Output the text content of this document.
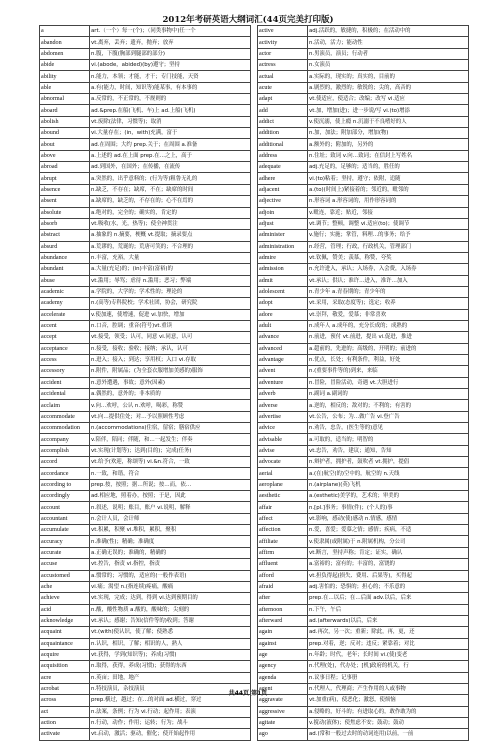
2012年考研英语大纲词汇(44页完美打印版)
a	art.（一个）每一(个)；（同类事物中)任一个
abandon	vt.离弃，丢弃；遗弃，抛弃；放弃
abdomen	n.腹，下腹(胸部到腿部的部分)
abide	vi.(abode，abided)(by)遵守；坚持
ability	n.能力，本领；才能，才干；专门技能，天资
able	a.有(能力，时间，知识等)能某事，有本事的
abnormal	a.反常的，不正常的，不规则的
aboard	ad.&prep.在船(飞机、车)上 ad.上船(飞机)
abolish	vt.废除(法律，习惯等)；取消
abound	vi.大量存在；(in，with)充满，富于
about	ad.在周围；大约 prep.关于；在周围 a.准备
above	a.上述的 ad.在上面 prep.在…之上，高于
abroad	ad.到国外，在国外；在传播，在流传
abrupt	a.突然的，出乎意料的；(行为等)粗鲁无礼的
absence	n.缺乏，不存在；缺席，不在；缺席的时间
absent	a.缺席的，缺乏的，不存在的；心不在焉的
absolute	a.绝对的，完全的；确实的，肯定的
absorb	vt.吸收(水，光，热等)；使全神贯注
abstract	a.抽象的 n.摘要，梗概 vt.提取；摘录要点
absurd	a.荒谬的，荒诞的；荒唐可笑的；不合理的
abundance	n.丰富，充裕，大量
abundant	a.大量(充足)的；(in)丰富(富裕)的
abuse	vt.滥用；辱骂；虐待 n.滥用；恶习；弊端
academic	a.学院的，大学的；学术性的；理论的
academy	n.(高等)专科院校；学术社团，协会，研究院
accelerate	v.使加速，使增速，促进 vi.加快，增加
accent	n.口音，腔调；重音(符号)vt.重读
accept	vt.接受，领受；认可，同意 vi.同意，认可
acceptance	n.接受，接收；验收；接纳；承认，认可
access	n.进入；接入；到达；享用权；入口 vi.存取
accessory	n.附件，附属品；(为全套衣服增加美感的)服饰
accident	n.意外遭遇，事故；意外(因素)
accidental	a.偶然的，意外的；非本质的
acclaim	v.向…欢呼，公认 n.欢呼，喝彩，称赞
accommodate	vt.向…提供住处；对…予以照顾性考虑
accommodation	n.(accommodations)住宿，留宿；膳宿供应
accompany	v.陪伴，陪同；伴随，和…一起发生；伴奏
accomplish	vt.实现(计划等)；达到(目的)；完成(任务)
accord	vt.给予(欢迎，称颂等) vi.&n.符合，一致
accordance	n.一致，和谐，符合
according to	prep.按，按照；据…所说；按…而，依…
accordingly	ad.相应地，照着办，按照；于是，因此
account	n.叙述，说明；账目，账户 vi.说明，解释
accountant	n.会计人员，会计师
accumulate	vt.积累，积聚 vi.堆积，累积，聚积
accuracy	n.准确(性)；精确；准确度
accurate	a.正确无误的；准确的，精确的
accuse	vt.控告，指责 vi.指控，指责
accustomed	a.惯常的；习惯的，适应的(一般作表语)
ache	vi.痛；渴望 n.(指连续)疼痛，酸痛
achieve	vt.实现，完成；达到，得到 vi.达到预期目的
acid	n.酸，酸性物质 a.酸的，酸味的；尖刻的
acknowledge	vt.承认；感谢；告知(信件等的)收到；答谢
acquaint	vt.(with)使认识，使了解；使熟悉
acquaintance	n.认识，相识，了解；相识的人，熟人
acquire	vt.获得，学到(知识等)；养成(习惯)
acquisition	n.取得，获得，养成(习惯)；获得的东西
acre	n.英亩；田地，地产
acrobat	n.特技演员，杂技演员
across	prep.横过，越过；在…的对面 ad.横过，穿过
act	n.法案，条例；行为 vi.行动；起作用；表演
action	n.行动，动作；作用；运转；行为；战斗
activate	vt.启动，激活；驱动，催化；使开始起作用
active	adj.活跃的，敏捷的，积极的；在活动中的
activity	n.活动，活力；能动性
actor	n.男演员，演员；行动者
actress	n.女演员
actual	a.实际的，现实的；真实的，目前的
acute	a.剧烈的，激烈的；敏锐的；尖的，高音的
adapt	vt.使适应，使适合；改编；改写 vi.适应
add	vt.加，增加(进)；进一步说/写 vi.(to)增添
addict	v.使沉溺，使上瘾 n.沉溺于不良嗜好的人
addition	n.加，加法；附加部分，增加(物)
additional	a.额外的；附加的，另外的
address	n.住址；致词 v.向…致词；在信封上写姓名
adequate	adj.充足的，足够的；适当的，胜任的
adhere	vi.(to)粘着；坚持，遵守；依附，追随
adjacent	a.(to)(时间上)紧接着的；邻近的，毗邻的
adjective	n.形容词 a.形容词的，用作形容词的
adjoin	v.毗连，靠近；贴近，邻接
adjust	vt.调节；整顿，调整 vi.适应(to)；使调节
administer	v.施行；实施；掌管，料理…的事务；给予
administration	n.经营，管理；行政，行政机关，管理部门
admire	vt.钦佩，赞美；羡慕，称赞，夸奖
admission	n.允许进入，承认；入场券，入会费，入场券
admit	vt.承认；供认；准许…进入，准许…加入
adolescent	n.青少年 a.青春期的；青少年的
adopt	vt.采用，采取(态度等)；选定；收养
adore	vt.崇拜，敬爱，爱慕；非常喜欢
adult	n.成年人 a.成年的，充分长成的；成熟的
advance	n.前进，预付 vt.前进，提出 vi.促进，推进
advanced	a.超前的，先进的；高级的，开明的；前进的
advantage	n.优点，长处；有利条件，利益，好处
advent	n.(重要事件等的)到来，来临
adventure	n.冒险，冒险活动，奇遇 vt.大胆进行
adverb	n.副词 a.副词的
adverse	a.逆的，相反的；敌对的；不利的；有害的
advertise	vt.公告，公布；为…做广告 vi.登广告
advice	n.劝告，忠告，(医生等的)意见
advisable	a.可取的，适当的；明智的
advise	vt.忠告，劝告，建议；通知，告知
advocate	n.辩护者，拥护者，鼓吹者 vt.拥护，提倡
aerial	a.(在)航空(的)空中的，航空的 n.天线
aeroplane	n.(airplane)(英)飞机
aesthetic	a.(esthetic)美学的，艺术的；审美的
affair	n.[pl.]事务；事情(件)；(个人的)事
affect	vt.影响，感动(使)感动 n.情感，感情
affection	n.爱，喜爱；爱慕之情；感情；疾病，不适
affiliate	v.使隶属(或附属)于 n.附属机构，分公司
affirm	vt.断言，坚持声称；肯定；证实，确认
affluent	a.富裕的；富有的；丰富的，富饶的
afford	vt.担负得起(损失、费用、后果等)，买得起
afraid	adj.害怕的；恐惧的；担心的；不乐意的
after	prep.在…以后；在…后面 adv.以后，后来
afternoon	n.下午，午后
afterward	ad.(afterwards)以后，后来
again	ad.再次，另一次；重新；除此，再，更，还
against	prep.对着，逆；反对；违反；紧靠着；对比
age	n.年龄；时代，老年；长时间 vi.(使)变老
agency	n.代理(处)，代办处；[机]政府的机关，行
agenda	n.议事日程；记事册
agent	n.代理人，代理商；产生作用的人或事物
aggravate	vt.加重(病)，使恶化；激怒，使烦恼
aggressive	a.侵略的，好斗的；有进取心的，敢作敢为的
agitate	v.搅动(液体)；使焦虑不安；鼓动；鼓动
ago	ad.(常和一般过去时的动词连用)以前，一前
共44页 第1页
